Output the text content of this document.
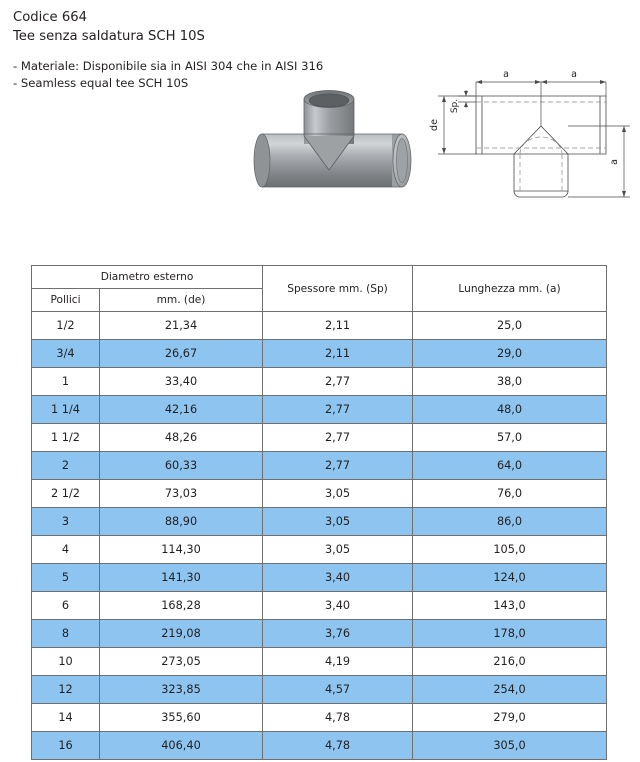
Codice 664
Tee senza saldatura SCH 10S
- Materiale: Disponibile sia in AISI 304 che in AISI 316
- Seamless equal tee SCH 10S
a	a
Sp.
de
a
Diametro esterno		Spessore mm. (Sp)	Lunghezza mm. (a)
Pollici	mm. (de)		
1/2	21,34	2,11	25,0
3/4	26,67	2,11	29,0
1	33,40	2,77	38,0
1 1/4	42,16	2,77	48,0
1 1/2	48,26	2,77	57,0
2	60,33	2,77	64,0
2 1/2	73,03	3,05	76,0
3	88,90	3,05	86,0
4	114,30	3,05	105,0
5	141,30	3,40	124,0
6	168,28	3,40	143,0
8	219,08	3,76	178,0
10	273,05	4,19	216,0
12	323,85	4,57	254,0
14	355,60	4,78	279,0
16	406,40	4,78	305,0
